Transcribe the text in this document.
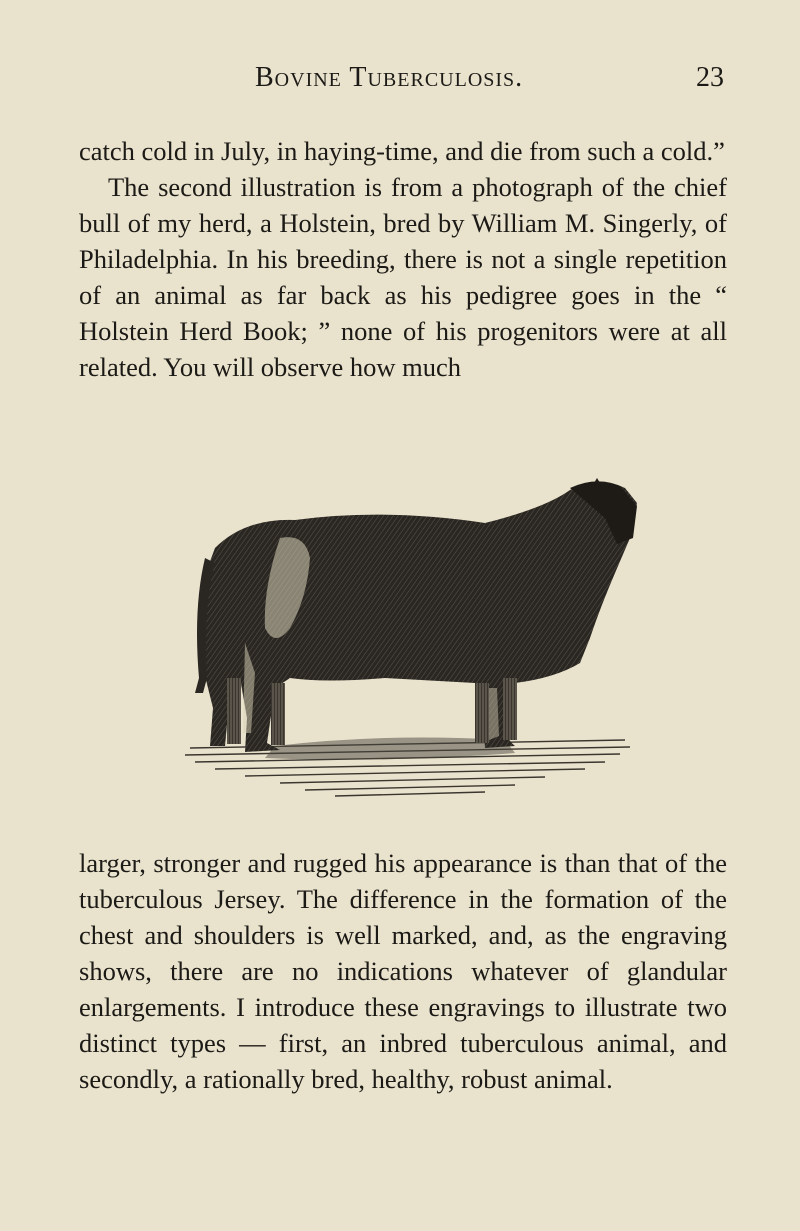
Bovine Tuberculosis.	23

catch cold in July, in haying-time, and die from such a cold.”
The second illustration is from a photograph of the chief bull of my herd, a Holstein, bred by William M. Singerly, of Philadelphia. In his breeding, there is not a single repetition of an animal as far back as his pedigree goes in the “ Holstein Herd Book; ” none of his progenitors were at all related. You will observe how much

larger, stronger and rugged his appearance is than that of the tuberculous Jersey. The difference in the formation of the chest and shoulders is well marked, and, as the engraving shows, there are no indications whatever of glandular enlargements. I introduce these engravings to illustrate two distinct types — first, an inbred tuberculous animal, and secondly, a rationally bred, healthy, robust animal.
